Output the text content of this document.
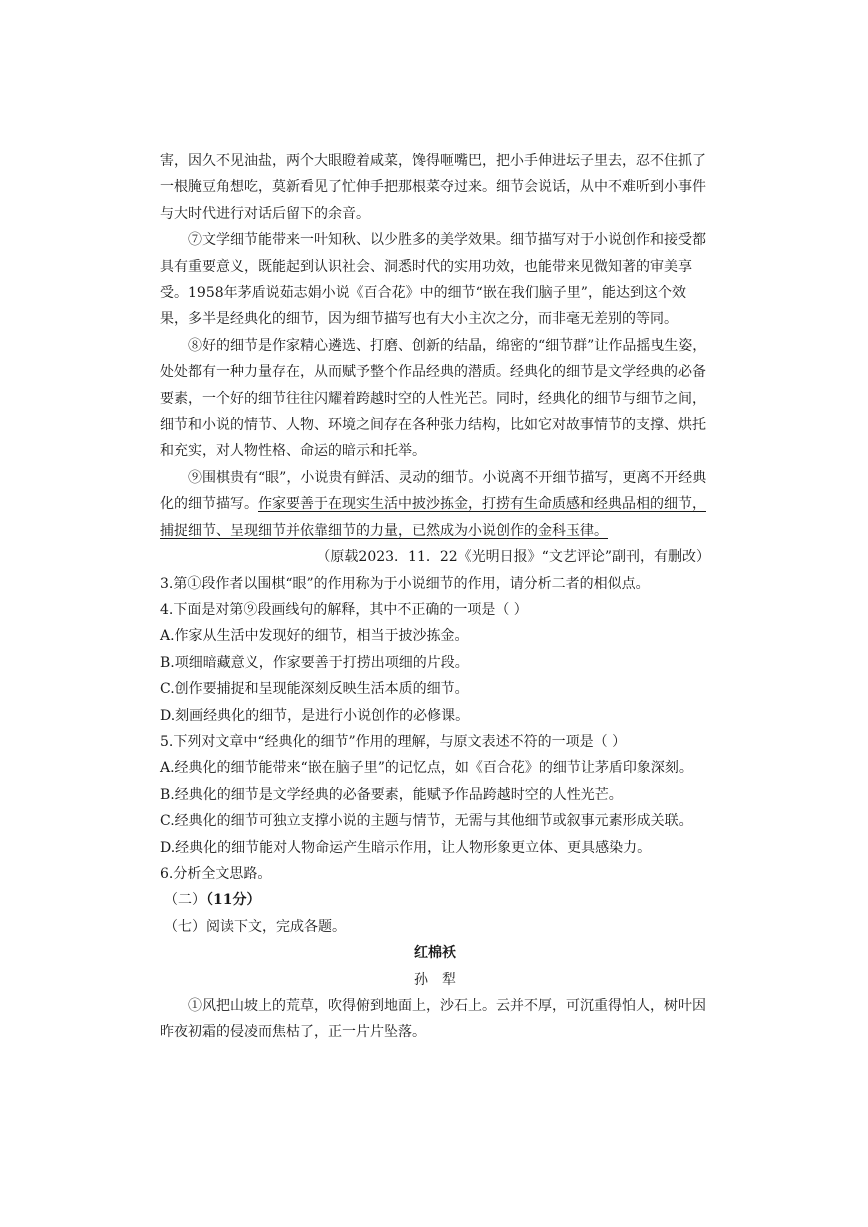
害，因久不见油盐，两个大眼瞪着咸菜，馋得咂嘴巴，把小手伸进坛子里去，忍不住抓了一根腌豆角想吃，莫新看见了忙伸手把那根菜夺过来。细节会说话，从中不难听到小事件与大时代进行对话后留下的余音。

⑦文学细节能带来一叶知秋、以少胜多的美学效果。细节描写对于小说创作和接受都具有重要意义，既能起到认识社会、洞悉时代的实用功效，也能带来见微知著的审美享受。1958年茅盾说茹志娟小说《百合花》中的细节“嵌在我们脑子里”，能达到这个效果，多半是经典化的细节，因为细节描写也有大小主次之分，而非毫无差别的等同。

⑧好的细节是作家精心遴选、打磨、创新的结晶，绵密的“细节群”让作品摇曳生姿，处处都有一种力量存在，从而赋予整个作品经典的潜质。经典化的细节是文学经典的必备要素，一个好的细节往往闪耀着跨越时空的人性光芒。同时，经典化的细节与细节之间，细节和小说的情节、人物、环境之间存在各种张力结构，比如它对故事情节的支撑、烘托和充实，对人物性格、命运的暗示和托举。

⑨围棋贵有“眼”，小说贵有鲜活、灵动的细节。小说离不开细节描写，更离不开经典化的细节描写。作家要善于在现实生活中披沙拣金，打捞有生命质感和经典品相的细节，捕捉细节、呈现细节并依靠细节的力量，已然成为小说创作的金科玉律。

（原载2023．11．22《光明日报》“文艺评论”副刊，有删改）

3.第①段作者以围棋“眼”的作用称为于小说细节的作用，请分析二者的相似点。

4.下面是对第⑨段画线句的解释，其中不正确的一项是（ ）

A.作家从生活中发现好的细节，相当于披沙拣金。

B.项细暗藏意义，作家要善于打捞出项细的片段。

C.创作要捕捉和呈现能深刻反映生活本质的细节。

D.刻画经典化的细节，是进行小说创作的必修课。

5.下列对文章中“经典化的细节”作用的理解，与原文表述不符的一项是（ ）

A.经典化的细节能带来“嵌在脑子里”的记忆点，如《百合花》的细节让茅盾印象深刻。

B.经典化的细节是文学经典的必备要素，能赋予作品跨越时空的人性光芒。

C.经典化的细节可独立支撑小说的主题与情节，无需与其他细节或叙事元素形成关联。

D.经典化的细节能对人物命运产生暗示作用，让人物形象更立体、更具感染力。

6.分析全文思路。

（二）（11分）

（七）阅读下文，完成各题。

红棉袄

孙犁

①风把山坡上的荒草，吹得俯到地面上，沙石上。云并不厚，可沉重得怕人，树叶因昨夜初霜的侵凌而焦枯了，正一片片坠落。
